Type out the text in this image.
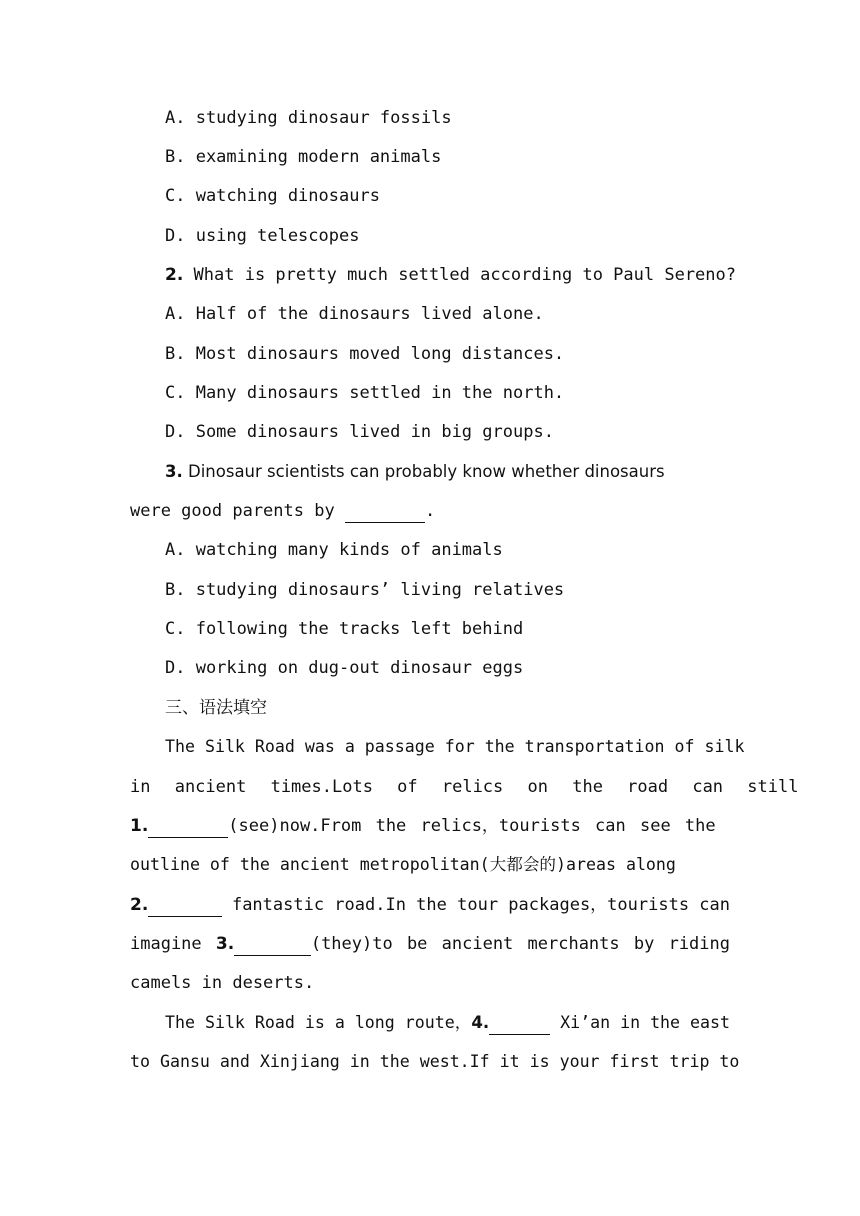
A. studying dinosaur fossils
B. examining modern animals
C. watching dinosaurs
D. using telescopes
2.
What is pretty much settled according to Paul Sereno?
A. Half of the dinosaurs lived alone.
B. Most dinosaurs moved long distances.
C. Many dinosaurs settled in the north.
D. Some dinosaurs lived in big groups.
3.
Dinosaur scientists can probably know whether dinosaurs
were good parents by
	.
A. watching many kinds of animals
B. studying dinosaurs’ living relatives
C. following the tracks left behind
D. working on dug-out dinosaur eggs
三、语法填空
The Silk Road was a passage for the transportation of silk
in ancient times.Lots of relics on the road can still
1.	(see)now.From the relics，tourists can see the
outline of the ancient metropolitan(大都会的)areas along
2.
	fantastic road.In the tour packages，tourists can
imagine
3.	(they)to be ancient merchants by riding
camels in deserts.
The Silk Road is a long route， 4.
	Xi’an in the east
to Gansu and Xinjiang in the west.If it is your first trip to
